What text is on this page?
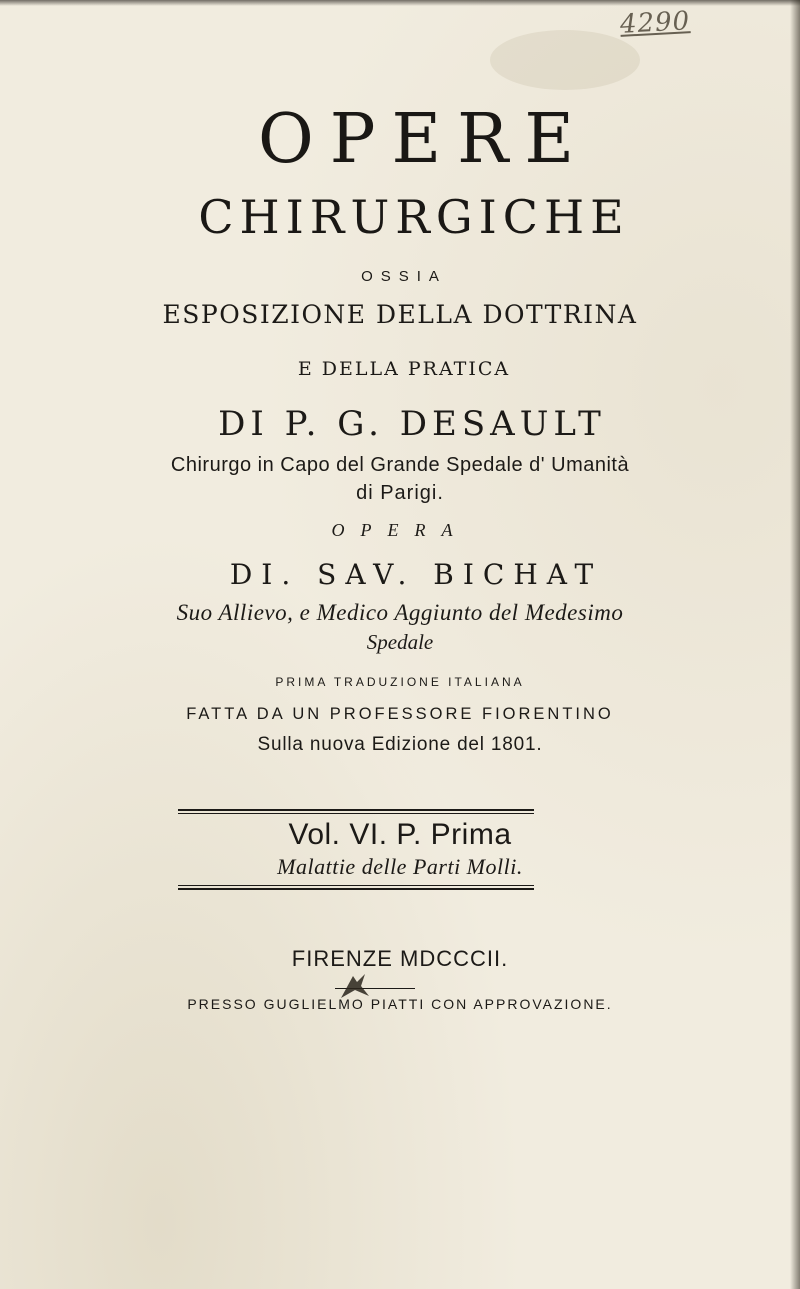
4290
OPERE
CHIRURGICHE
OSSIA
ESPOSIZIONE DELLA DOTTRINA
E DELLA PRATICA
DI P. G. DESAULT
Chirurgo in Capo del Grande Spedale d' Umanità
di Parigi.
OPERA
DI. SAV. BICHAT
Suo Allievo, e Medico Aggiunto del Medesimo
Spedale
PRIMA TRADUZIONE ITALIANA
FATTA DA UN PROFESSORE FIORENTINO
Sulla nuova Edizione del 1801.
Vol. VI. P. Prima
Malattie delle Parti Molli.
FIRENZE MDCCCII.
PRESSO GUGLIELMO PIATTI CON APPROVAZIONE.
